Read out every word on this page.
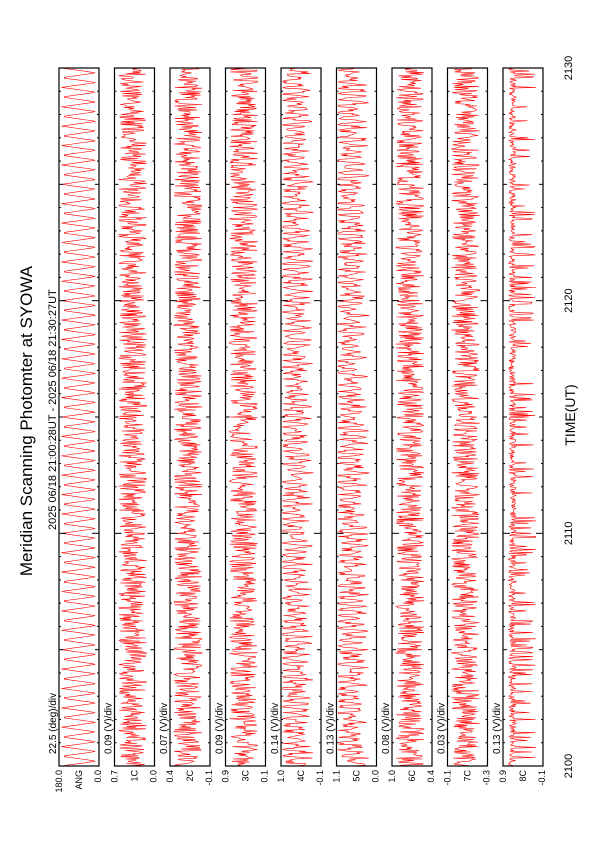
Meridian Scanning Photomter at SYOWA 2025 06/18 21:00:28UT - 2025 06/18 21:30:27UT	TIME(UT)
2100
2110
2120
2130
22.5 (deg)/div
180.0 ANG 0.0
0.09 (V)/div
0.7 1C 0.0
0.07 (V)/div
0.4 2C -0.1
0.09 (V)/div
0.9 3C 0.1
0.14 (V)/div
1.0 4C -0.1
0.13 (V)/div
1.1 5C 0.0
0.08 (V)/div
1.0 6C 0.4
0.03 (V)/div
-0.1 7C -0.3
0.13 (V)/div
0.9 8C -0.1
